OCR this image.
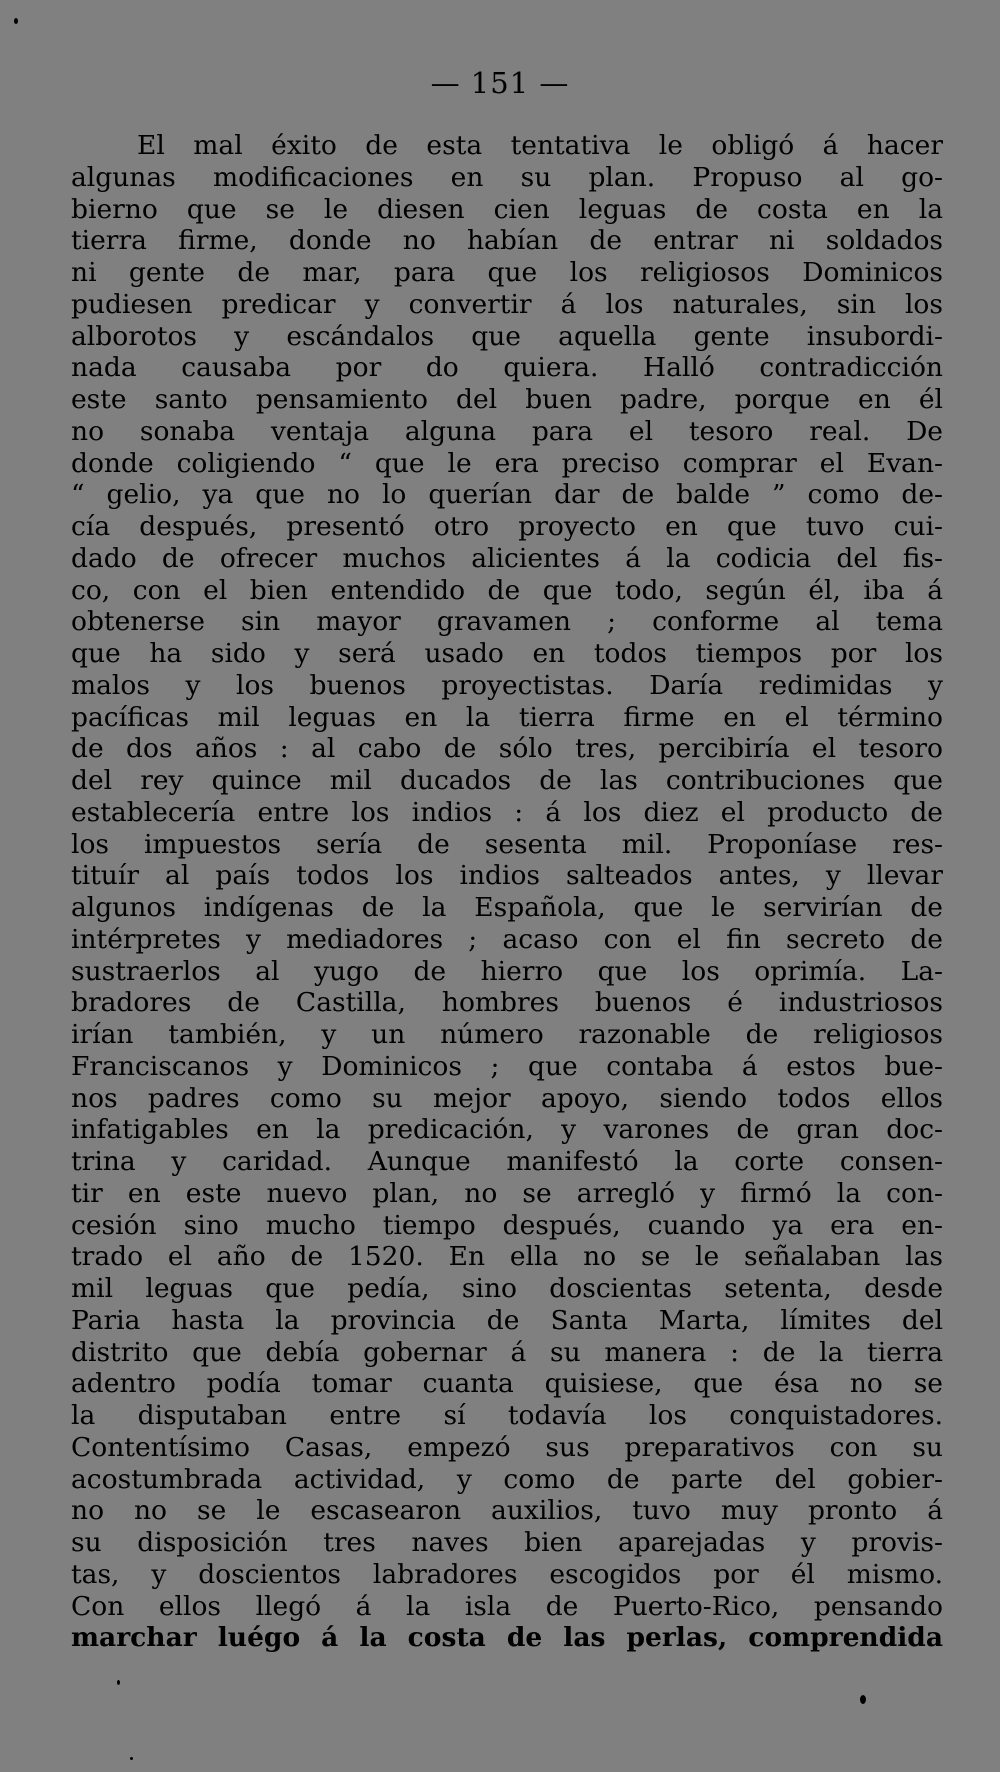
— 151 —
El mal éxito de esta tentativa le obligó á hacer
algunas modificaciones en su plan. Propuso al go-
bierno que se le diesen cien leguas de costa en la
tierra firme, donde no habían de entrar ni soldados
ni gente de mar, para que los religiosos Dominicos
pudiesen predicar y convertir á los naturales, sin los
alborotos y escándalos que aquella gente insubordi-
nada causaba por do quiera. Halló contradicción
este santo pensamiento del buen padre, porque en él
no sonaba ventaja alguna para el tesoro real. De
donde coligiendo “ que le era preciso comprar el Evan-
“ gelio, ya que no lo querían dar de balde ” como de-
cía después, presentó otro proyecto en que tuvo cui-
dado de ofrecer muchos alicientes á la codicia del fis-
co, con el bien entendido de que todo, según él, iba á
obtenerse sin mayor gravamen ; conforme al tema
que ha sido y será usado en todos tiempos por los
malos y los buenos proyectistas. Daría redimidas y
pacíficas mil leguas en la tierra firme en el término
de dos años : al cabo de sólo tres, percibiría el tesoro
del rey quince mil ducados de las contribuciones que
establecería entre los indios : á los diez el producto de
los impuestos sería de sesenta mil. Proponíase res-
tituír al país todos los indios salteados antes, y llevar
algunos indígenas de la Española, que le servirían de
intérpretes y mediadores ; acaso con el fin secreto de
sustraerlos al yugo de hierro que los oprimía. La-
bradores de Castilla, hombres buenos é industriosos
irían también, y un número razonable de religiosos
Franciscanos y Dominicos ; que contaba á estos bue-
nos padres como su mejor apoyo, siendo todos ellos
infatigables en la predicación, y varones de gran doc-
trina y caridad. Aunque manifestó la corte consen-
tir en este nuevo plan, no se arregló y firmó la con-
cesión sino mucho tiempo después, cuando ya era en-
trado el año de 1520. En ella no se le señalaban las
mil leguas que pedía, sino doscientas setenta, desde
Paria hasta la provincia de Santa Marta, límites del
distrito que debía gobernar á su manera : de la tierra
adentro podía tomar cuanta quisiese, que ésa no se
la disputaban entre sí todavía los conquistadores.
Contentísimo Casas, empezó sus preparativos con su
acostumbrada actividad, y como de parte del gobier-
no no se le escasearon auxilios, tuvo muy pronto á
su disposición tres naves bien aparejadas y provis-
tas, y doscientos labradores escogidos por él mismo.
Con ellos llegó á la isla de Puerto-Rico, pensando
marchar luégo á la costa de las perlas, comprendida
